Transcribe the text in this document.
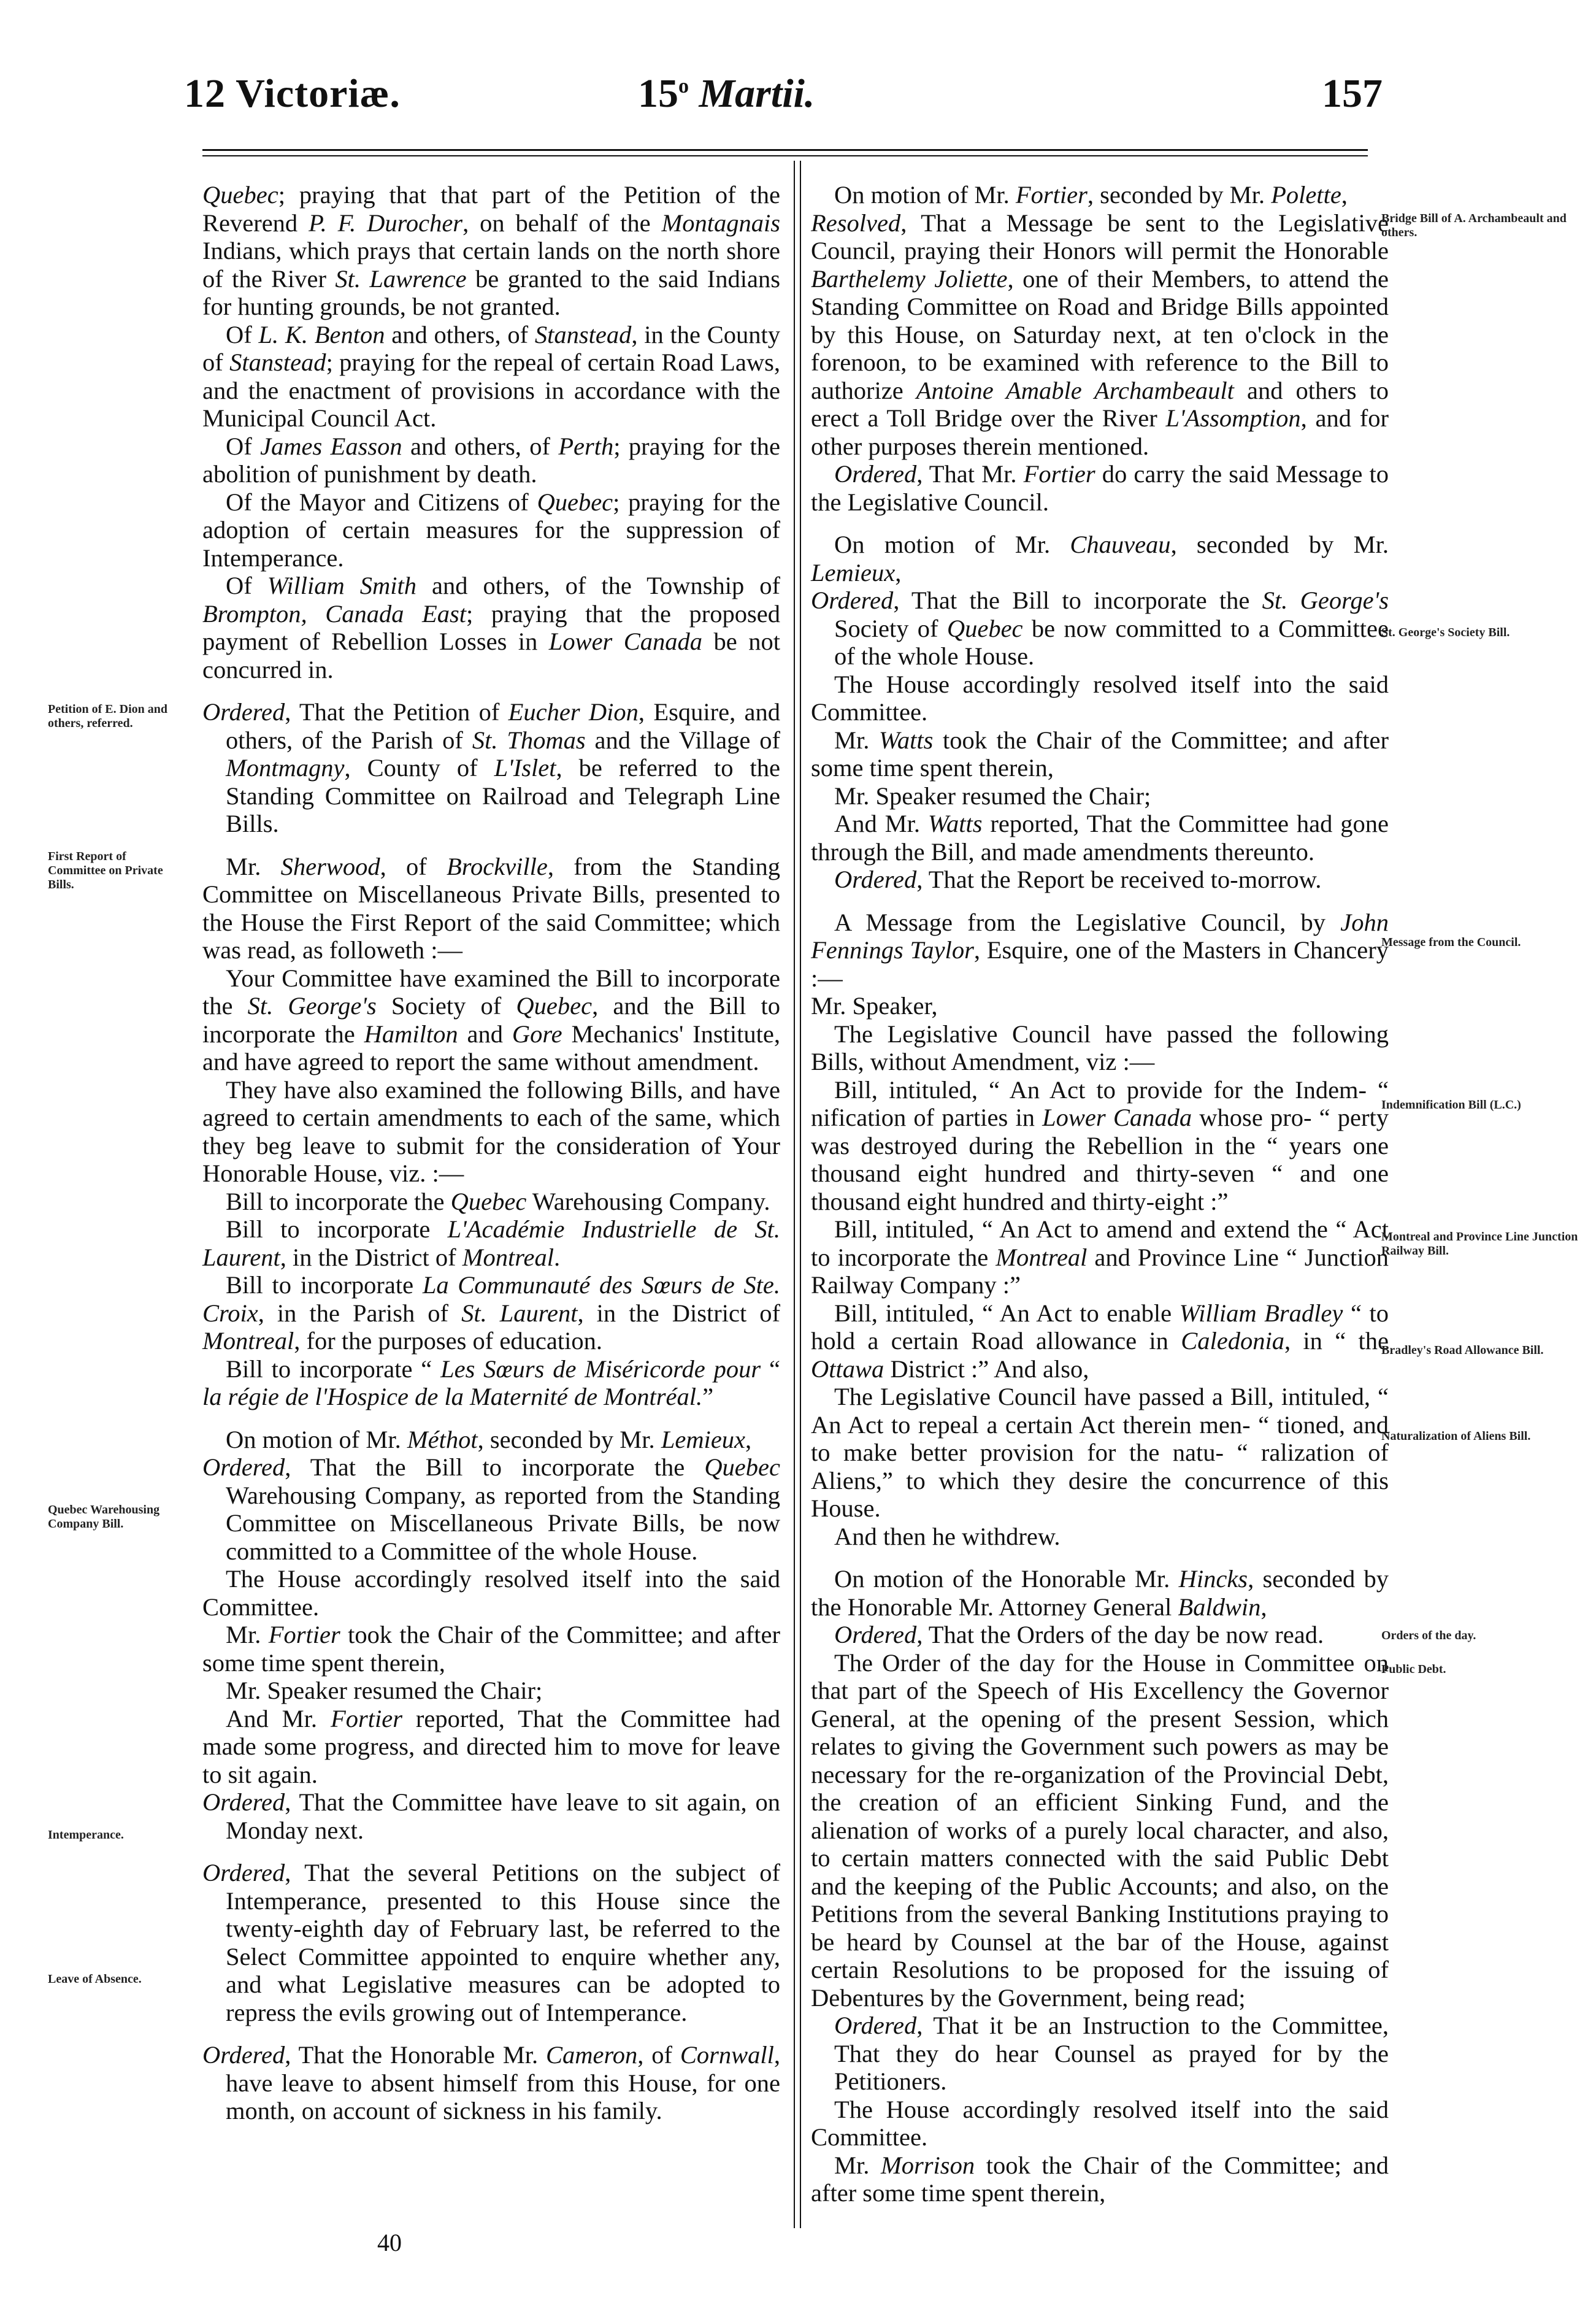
12 Victoriæ.	15$^o$ Martii.	157

Quebec; praying that that part of the Petition of the Reverend P. F. Durocher, on behalf of the Montagnais Indians, which prays that certain lands on the north shore of the River St. Lawrence be granted to the said Indians for hunting grounds, be not granted.

Of L. K. Benton and others, of Stanstead, in the County of Stanstead; praying for the repeal of certain Road Laws, and the enactment of provisions in accordance with the Municipal Council Act.

Of James Easson and others, of Perth; praying for the abolition of punishment by death.

Of the Mayor and Citizens of Quebec; praying for the adoption of certain measures for the suppression of Intemperance.

Of William Smith and others, of the Township of Brompton, Canada East; praying that the proposed payment of Rebellion Losses in Lower Canada be not concurred in.

Ordered, That the Petition of Eucher Dion, Esquire, and others, of the Parish of St. Thomas and the Village of Montmagny, County of L'Islet, be referred to the Standing Committee on Railroad and Telegraph Line Bills.

Mr. Sherwood, of Brockville, from the Standing Committee on Miscellaneous Private Bills, presented to the House the First Report of the said Committee; which was read, as followeth :—

Your Committee have examined the Bill to incorporate the St. George's Society of Quebec, and the Bill to incorporate the Hamilton and Gore Mechanics' Institute, and have agreed to report the same without amendment.

They have also examined the following Bills, and have agreed to certain amendments to each of the same, which they beg leave to submit for the consideration of Your Honorable House, viz. :—

Bill to incorporate the Quebec Warehousing Company.

Bill to incorporate L'Académie Industrielle de St. Laurent, in the District of Montreal.

Bill to incorporate La Communauté des Sœurs de Ste. Croix, in the Parish of St. Laurent, in the District of Montreal, for the purposes of education.

Bill to incorporate “ Les Sœurs de Miséricorde pour “ la régie de l'Hospice de la Maternité de Montréal.”

On motion of Mr. Méthot, seconded by Mr. Lemieux,

Ordered, That the Bill to incorporate the Quebec Warehousing Company, as reported from the Standing Committee on Miscellaneous Private Bills, be now committed to a Committee of the whole House.

The House accordingly resolved itself into the said Committee.

Mr. Fortier took the Chair of the Committee; and after some time spent therein,

Mr. Speaker resumed the Chair;

And Mr. Fortier reported, That the Committee had made some progress, and directed him to move for leave to sit again.

Ordered, That the Committee have leave to sit again, on Monday next.

Ordered, That the several Petitions on the subject of Intemperance, presented to this House since the twenty-eighth day of February last, be referred to the Select Committee appointed to enquire whether any, and what Legislative measures can be adopted to repress the evils growing out of Intemperance.

Ordered, That the Honorable Mr. Cameron, of Cornwall, have leave to absent himself from this House, for one month, on account of sickness in his family.

On motion of Mr. Fortier, seconded by Mr. Polette,

Resolved, That a Message be sent to the Legislative Council, praying their Honors will permit the Honorable Barthelemy Joliette, one of their Members, to attend the Standing Committee on Road and Bridge Bills appointed by this House, on Saturday next, at ten o'clock in the forenoon, to be examined with reference to the Bill to authorize Antoine Amable Archambeault and others to erect a Toll Bridge over the River L'Assomption, and for other purposes therein mentioned.

Ordered, That Mr. Fortier do carry the said Message to the Legislative Council.

On motion of Mr. Chauveau, seconded by Mr. Lemieux,

Ordered, That the Bill to incorporate the St. George's Society of Quebec be now committed to a Committee of the whole House.

The House accordingly resolved itself into the said Committee.

Mr. Watts took the Chair of the Committee; and after some time spent therein,

Mr. Speaker resumed the Chair;

And Mr. Watts reported, That the Committee had gone through the Bill, and made amendments thereunto.

Ordered, That the Report be received to-morrow.

A Message from the Legislative Council, by John Fennings Taylor, Esquire, one of the Masters in Chancery :—

Mr. Speaker,

The Legislative Council have passed the following Bills, without Amendment, viz :—

Bill, intituled, “ An Act to provide for the Indem- “ nification of parties in Lower Canada whose pro- “ perty was destroyed during the Rebellion in the “ years one thousand eight hundred and thirty-seven “ and one thousand eight hundred and thirty-eight :”

Bill, intituled, “ An Act to amend and extend the “ Act to incorporate the Montreal and Province Line “ Junction Railway Company :”

Bill, intituled, “ An Act to enable William Bradley “ to hold a certain Road allowance in Caledonia, in “ the Ottawa District :” And also,

The Legislative Council have passed a Bill, intituled, “ An Act to repeal a certain Act therein men- “ tioned, and to make better provision for the natu- “ ralization of Aliens,” to which they desire the concurrence of this House.

And then he withdrew.

On motion of the Honorable Mr. Hincks, seconded by the Honorable Mr. Attorney General Baldwin,

Ordered, That the Orders of the day be now read.

The Order of the day for the House in Committee on that part of the Speech of His Excellency the Governor General, at the opening of the present Session, which relates to giving the Government such powers as may be necessary for the re-organization of the Provincial Debt, the creation of an efficient Sinking Fund, and the alienation of works of a purely local character, and also, to certain matters connected with the said Public Debt and the keeping of the Public Accounts; and also, on the Petitions from the several Banking Institutions praying to be heard by Counsel at the bar of the House, against certain Resolutions to be proposed for the issuing of Debentures by the Government, being read;

Ordered, That it be an Instruction to the Committee, That they do hear Counsel as prayed for by the Petitioners.

The House accordingly resolved itself into the said Committee.

Mr. Morrison took the Chair of the Committee; and after some time spent therein,

Petition of E. Dion and others, referred.
First Report of Committee on Private Bills.
Quebec Warehousing Company Bill.
Intemperance.
Leave of Absence.
Bridge Bill of A. Archambeault and others.
St. George's Society Bill.
Message from the Council.
Indemnification Bill (L.C.)
Montreal and Province Line Junction Railway Bill.
Bradley's Road Allowance Bill.
Naturalization of Aliens Bill.
Orders of the day.
Public Debt.
40
